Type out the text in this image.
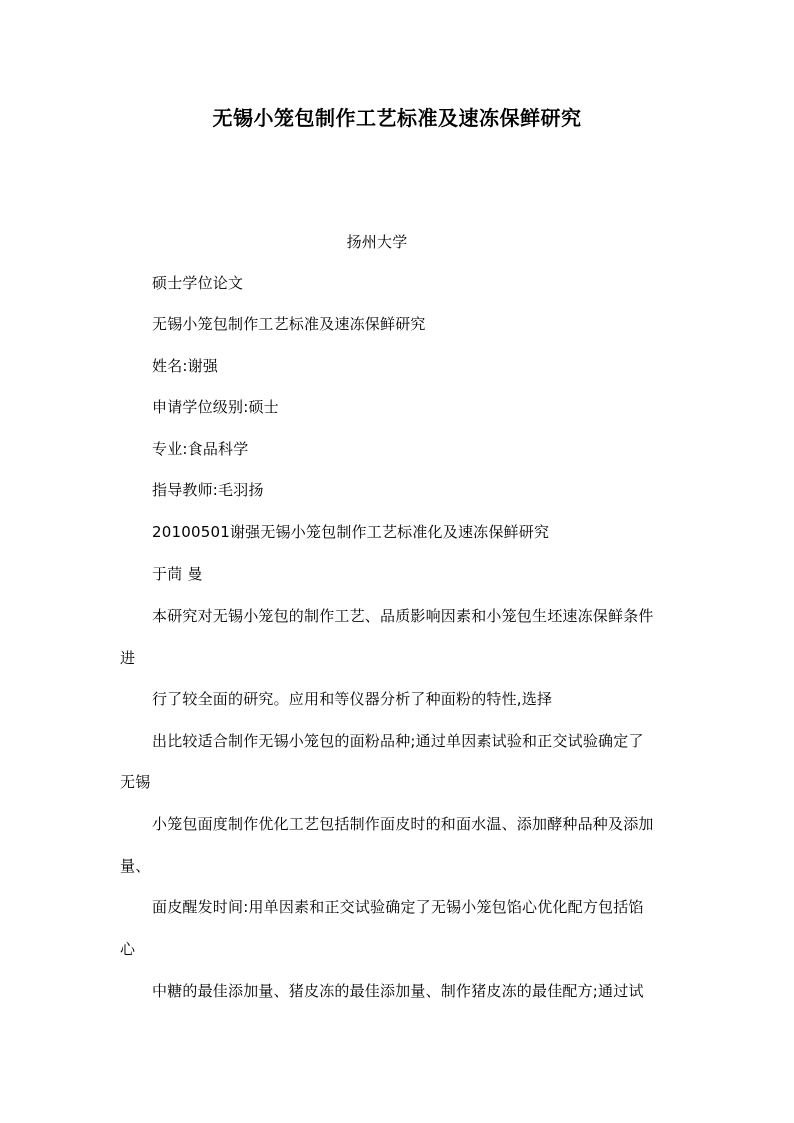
无锡小笼包制作工艺标准及速冻保鲜研究
扬州大学
硕士学位论文
无锡小笼包制作工艺标准及速冻保鲜研究
姓名:谢强
申请学位级别:硕士
专业:食品科学
指导教师:毛羽扬
20100501谢强无锡小笼包制作工艺标准化及速冻保鲜研究
于茼 曼
本研究对无锡小笼包的制作工艺、品质影响因素和小笼包生坯速冻保鲜条件
进
行了较全面的研究。应用和等仪器分析了种面粉的特性,选择
出比较适合制作无锡小笼包的面粉品种;通过单因素试验和正交试验确定了
无锡
小笼包面度制作优化工艺包括制作面皮时的和面水温、添加酵种品种及添加
量、
面皮醒发时间:用单因素和正交试验确定了无锡小笼包馅心优化配方包括馅
心
中糖的最佳添加量、猪皮冻的最佳添加量、制作猪皮冻的最佳配方;通过试
